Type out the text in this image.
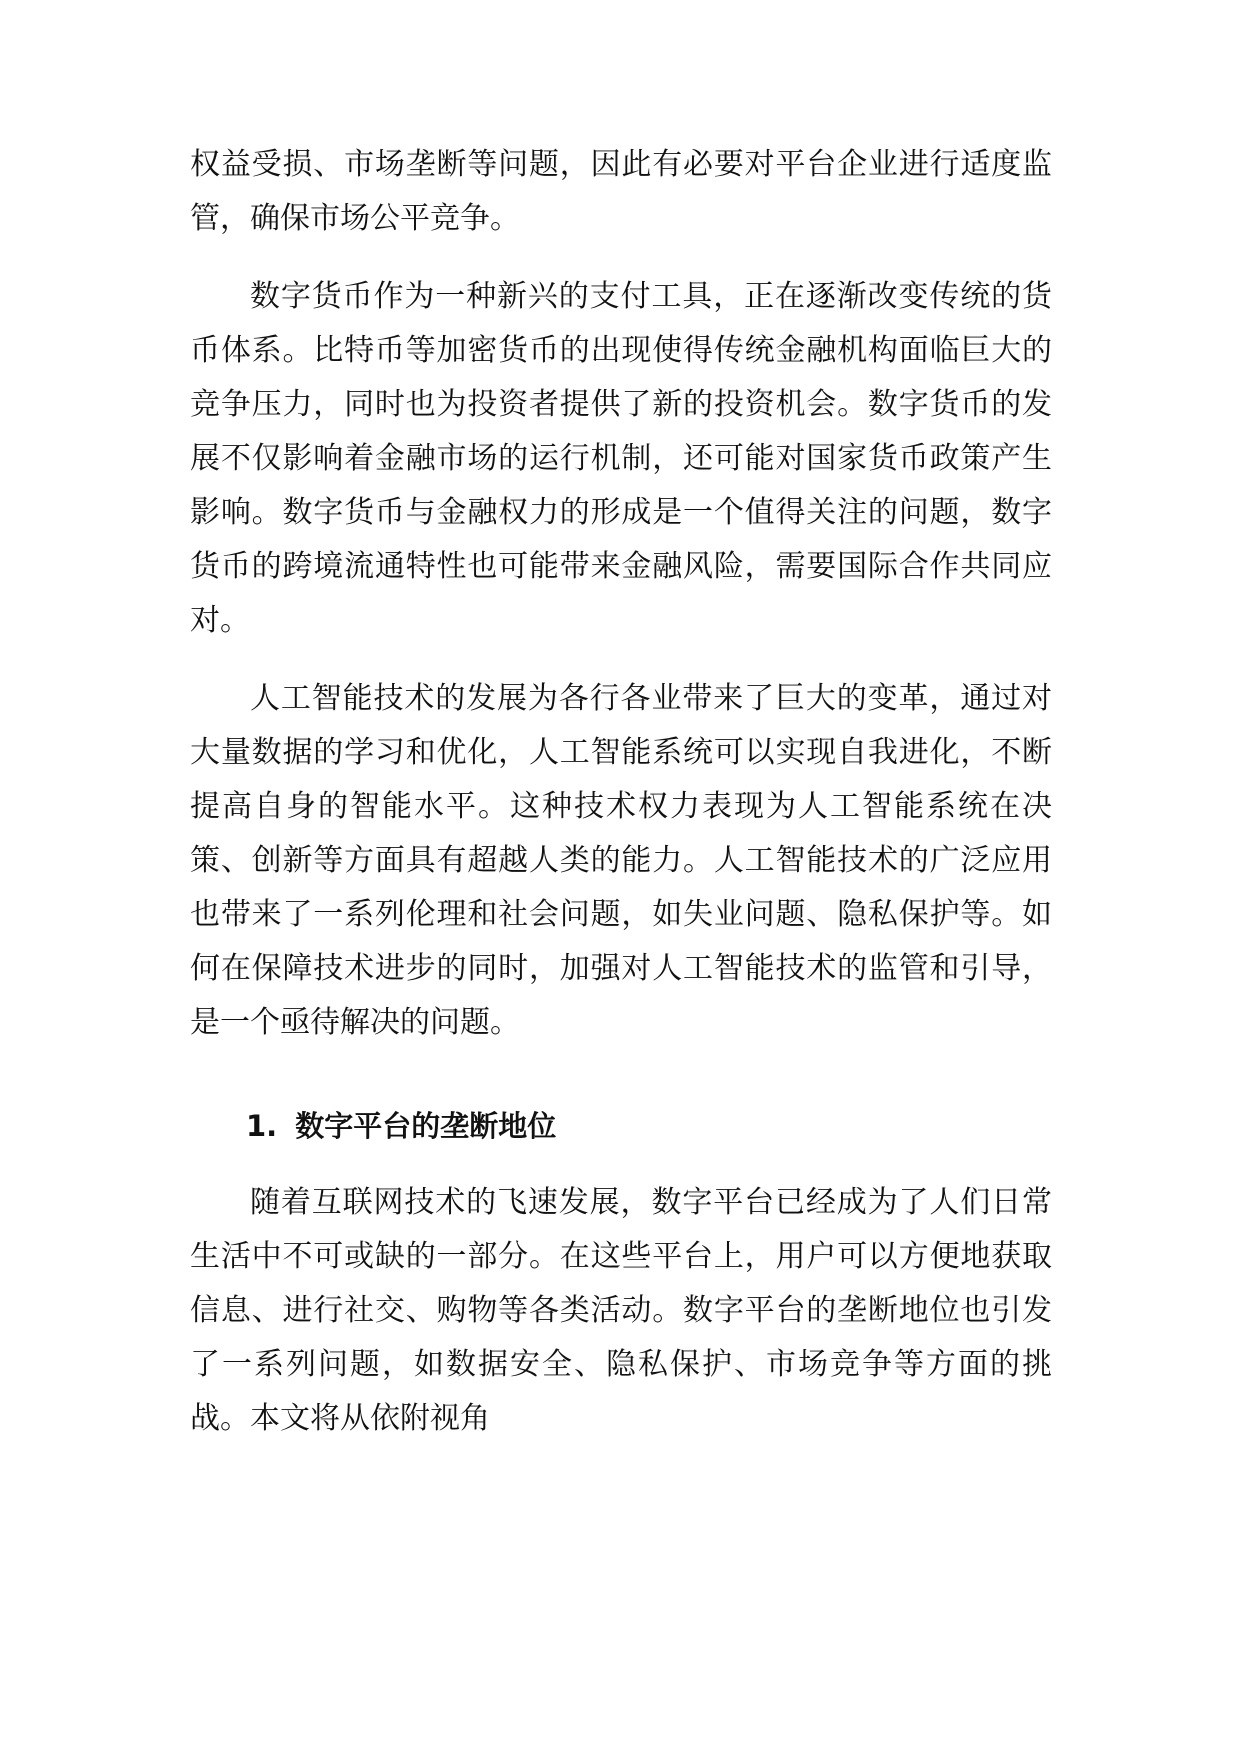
权益受损、市场垄断等问题，因此有必要对平台企业进行适度监管，确保市场公平竞争。

数字货币作为一种新兴的支付工具，正在逐渐改变传统的货币体系。比特币等加密货币的出现使得传统金融机构面临巨大的竞争压力，同时也为投资者提供了新的投资机会。数字货币的发展不仅影响着金融市场的运行机制，还可能对国家货币政策产生影响。数字货币与金融权力的形成是一个值得关注的问题，数字货币的跨境流通特性也可能带来金融风险，需要国际合作共同应对。

人工智能技术的发展为各行各业带来了巨大的变革，通过对大量数据的学习和优化，人工智能系统可以实现自我进化，不断提高自身的智能水平。这种技术权力表现为人工智能系统在决策、创新等方面具有超越人类的能力。人工智能技术的广泛应用也带来了一系列伦理和社会问题，如失业问题、隐私保护等。如何在保障技术进步的同时，加强对人工智能技术的监管和引导，是一个亟待解决的问题。

1. 数字平台的垄断地位

随着互联网技术的飞速发展，数字平台已经成为了人们日常生活中不可或缺的一部分。在这些平台上，用户可以方便地获取信息、进行社交、购物等各类活动。数字平台的垄断地位也引发了一系列问题，如数据安全、隐私保护、市场竞争等方面的挑战。本文将从依附视角
